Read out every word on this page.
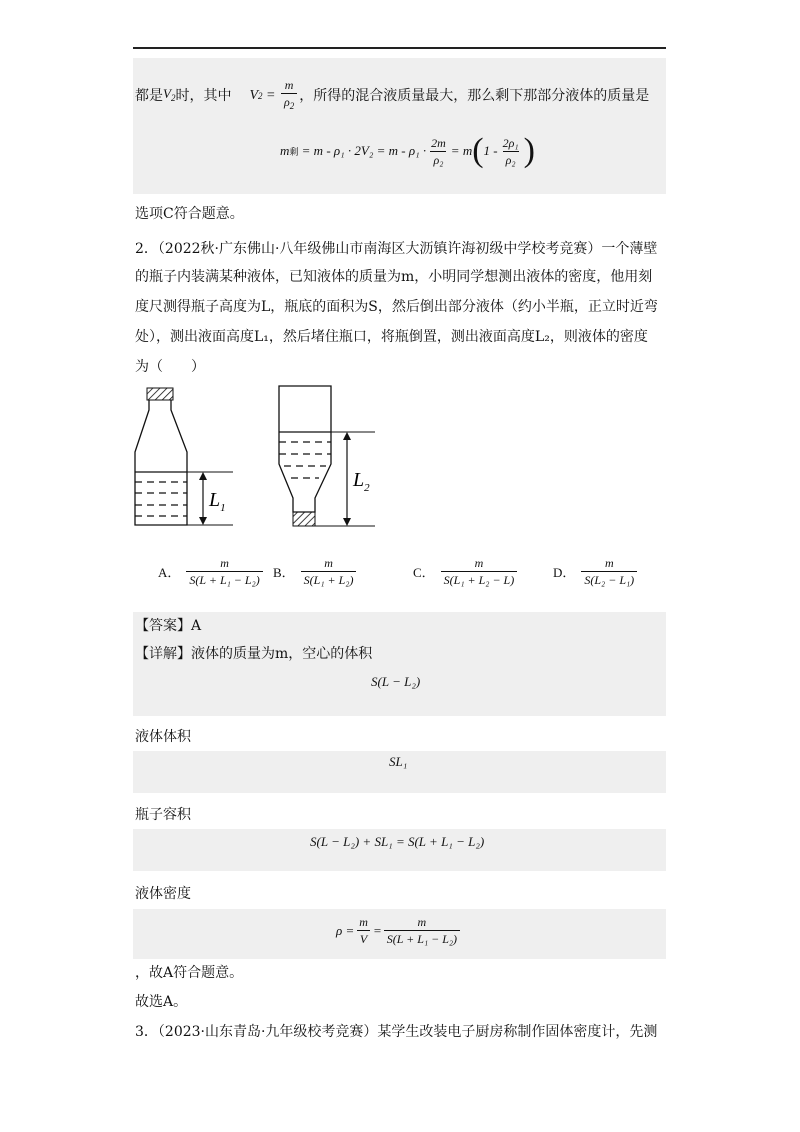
都是 $V_2$ 时，其中 V $2 = \frac{m}{\rho_2}$ ，所得的混合液质量最大，那么剩下那部分液体的质量是
m 剩
= $m - \rho_1 \cdot 2V_2 = m - \rho_1 \cdot \frac{2m}{\text{ρ₂}} = m$ ( $1 - \frac{\text{2ρ₁}}{\text{ρ₂}}$ )
选项C符合题意。
2．（2022秋·广东佛山·八年级佛山市南海区大沥镇许海初级中学校考竞赛）一个薄壁
的瓶子内装满某种液体，已知液体的质量为m，小明同学想测出液体的密度，他用刻
度尺测得瓶子高度为L，瓶底的面积为S，然后倒出部分液体（约小半瓶，正立时近弯
处），测出液面高度L₁，然后堵住瓶口，将瓶倒置，测出液面高度L₂，则液体的密度
为（　　）
$L_1$
$L_2$
A． $\frac{m}{\text{S(L + L₁ − L₂)}}$ B． $\frac{m}{\text{S(L₁ + L₂)}}$	C． $\frac{m}{\text{S(L₁ + L₂ − L)}}$	D． $\frac{m}{\text{S(L₂ − L₁)}}$
【答案】A
【详解】液体的质量为m，空心的体积
S(L − L₂)
液体体积
SL₁
瓶子容积
S(L − L₂) + SL₁ = S(L + L₁ − L₂)
液体密度
$\rho = \frac{m}{V} = \frac{m}{\text{S(L + L₁ − L₂)}}$
，故A符合题意。
故选A。
3．（2023·山东青岛·九年级校考竞赛）某学生改装电子厨房称制作固体密度计，先测
